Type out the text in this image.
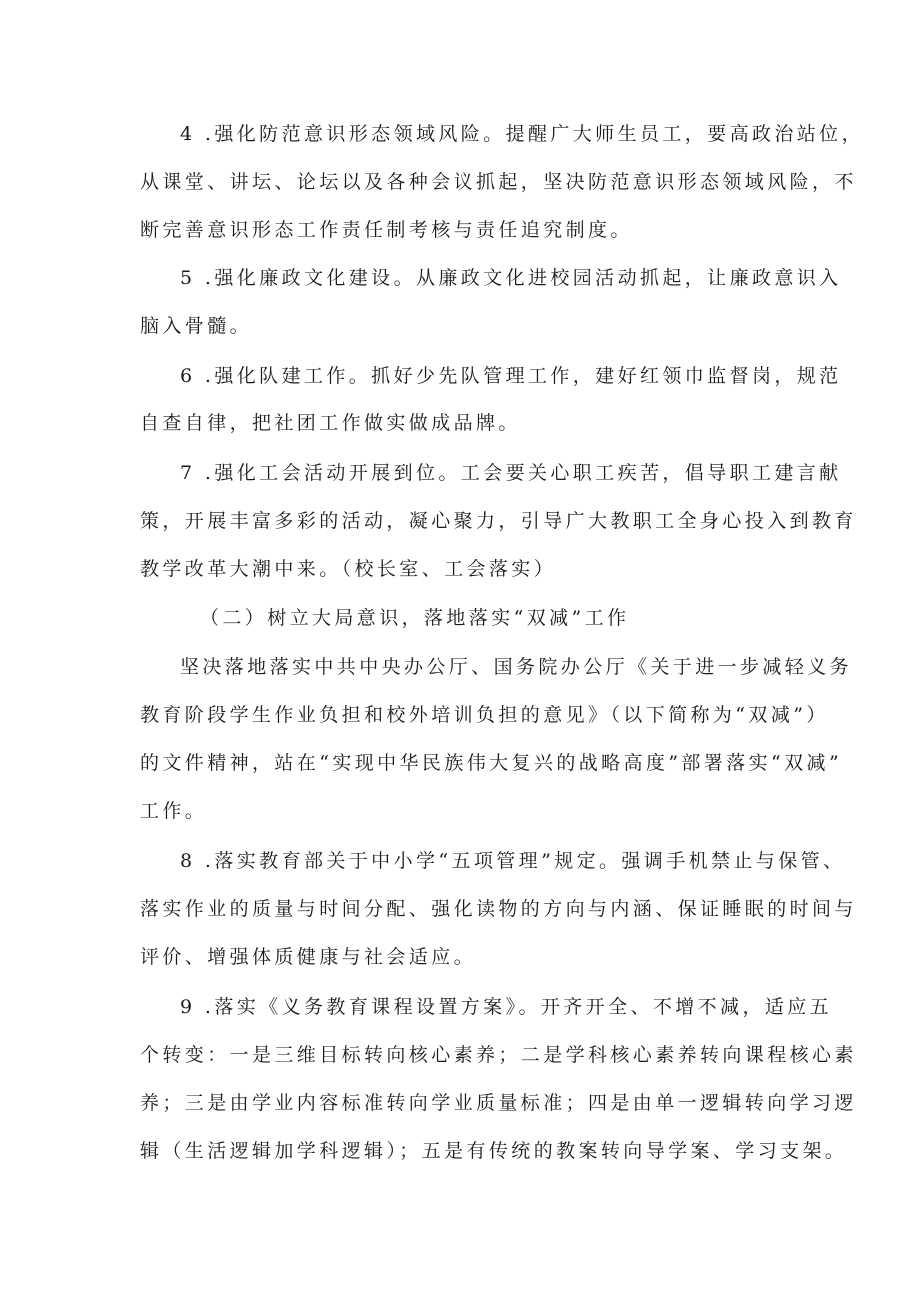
4 .强化防范意识形态领域风险。提醒广大师生员工，要高政治站位，
从课堂、讲坛、论坛以及各种会议抓起，坚决防范意识形态领域风险，不
断完善意识形态工作责任制考核与责任追究制度。
5 .强化廉政文化建设。从廉政文化进校园活动抓起，让廉政意识入
脑入骨髓。
6 .强化队建工作。抓好少先队管理工作，建好红领巾监督岗，规范
自查自律，把社团工作做实做成品牌。
7 .强化工会活动开展到位。工会要关心职工疾苦，倡导职工建言献
策，开展丰富多彩的活动，凝心聚力，引导广大教职工全身心投入到教育
教学改革大潮中来。（校长室、工会落实）
（二）树立大局意识，落地落实“双减”工作
坚决落地落实中共中央办公厅、国务院办公厅《关于进一步减轻义务
教育阶段学生作业负担和校外培训负担的意见》（以下简称为“双减”）
的文件精神，站在“实现中华民族伟大复兴的战略高度”部署落实“双减”
工作。
8 .落实教育部关于中小学“五项管理”规定。强调手机禁止与保管、
落实作业的质量与时间分配、强化读物的方向与内涵、保证睡眠的时间与
评价、增强体质健康与社会适应。
9 .落实《义务教育课程设置方案》。开齐开全、不增不减，适应五
个转变：一是三维目标转向核心素养；二是学科核心素养转向课程核心素
养；三是由学业内容标准转向学业质量标准；四是由单一逻辑转向学习逻
辑（生活逻辑加学科逻辑）；五是有传统的教案转向导学案、学习支架。
